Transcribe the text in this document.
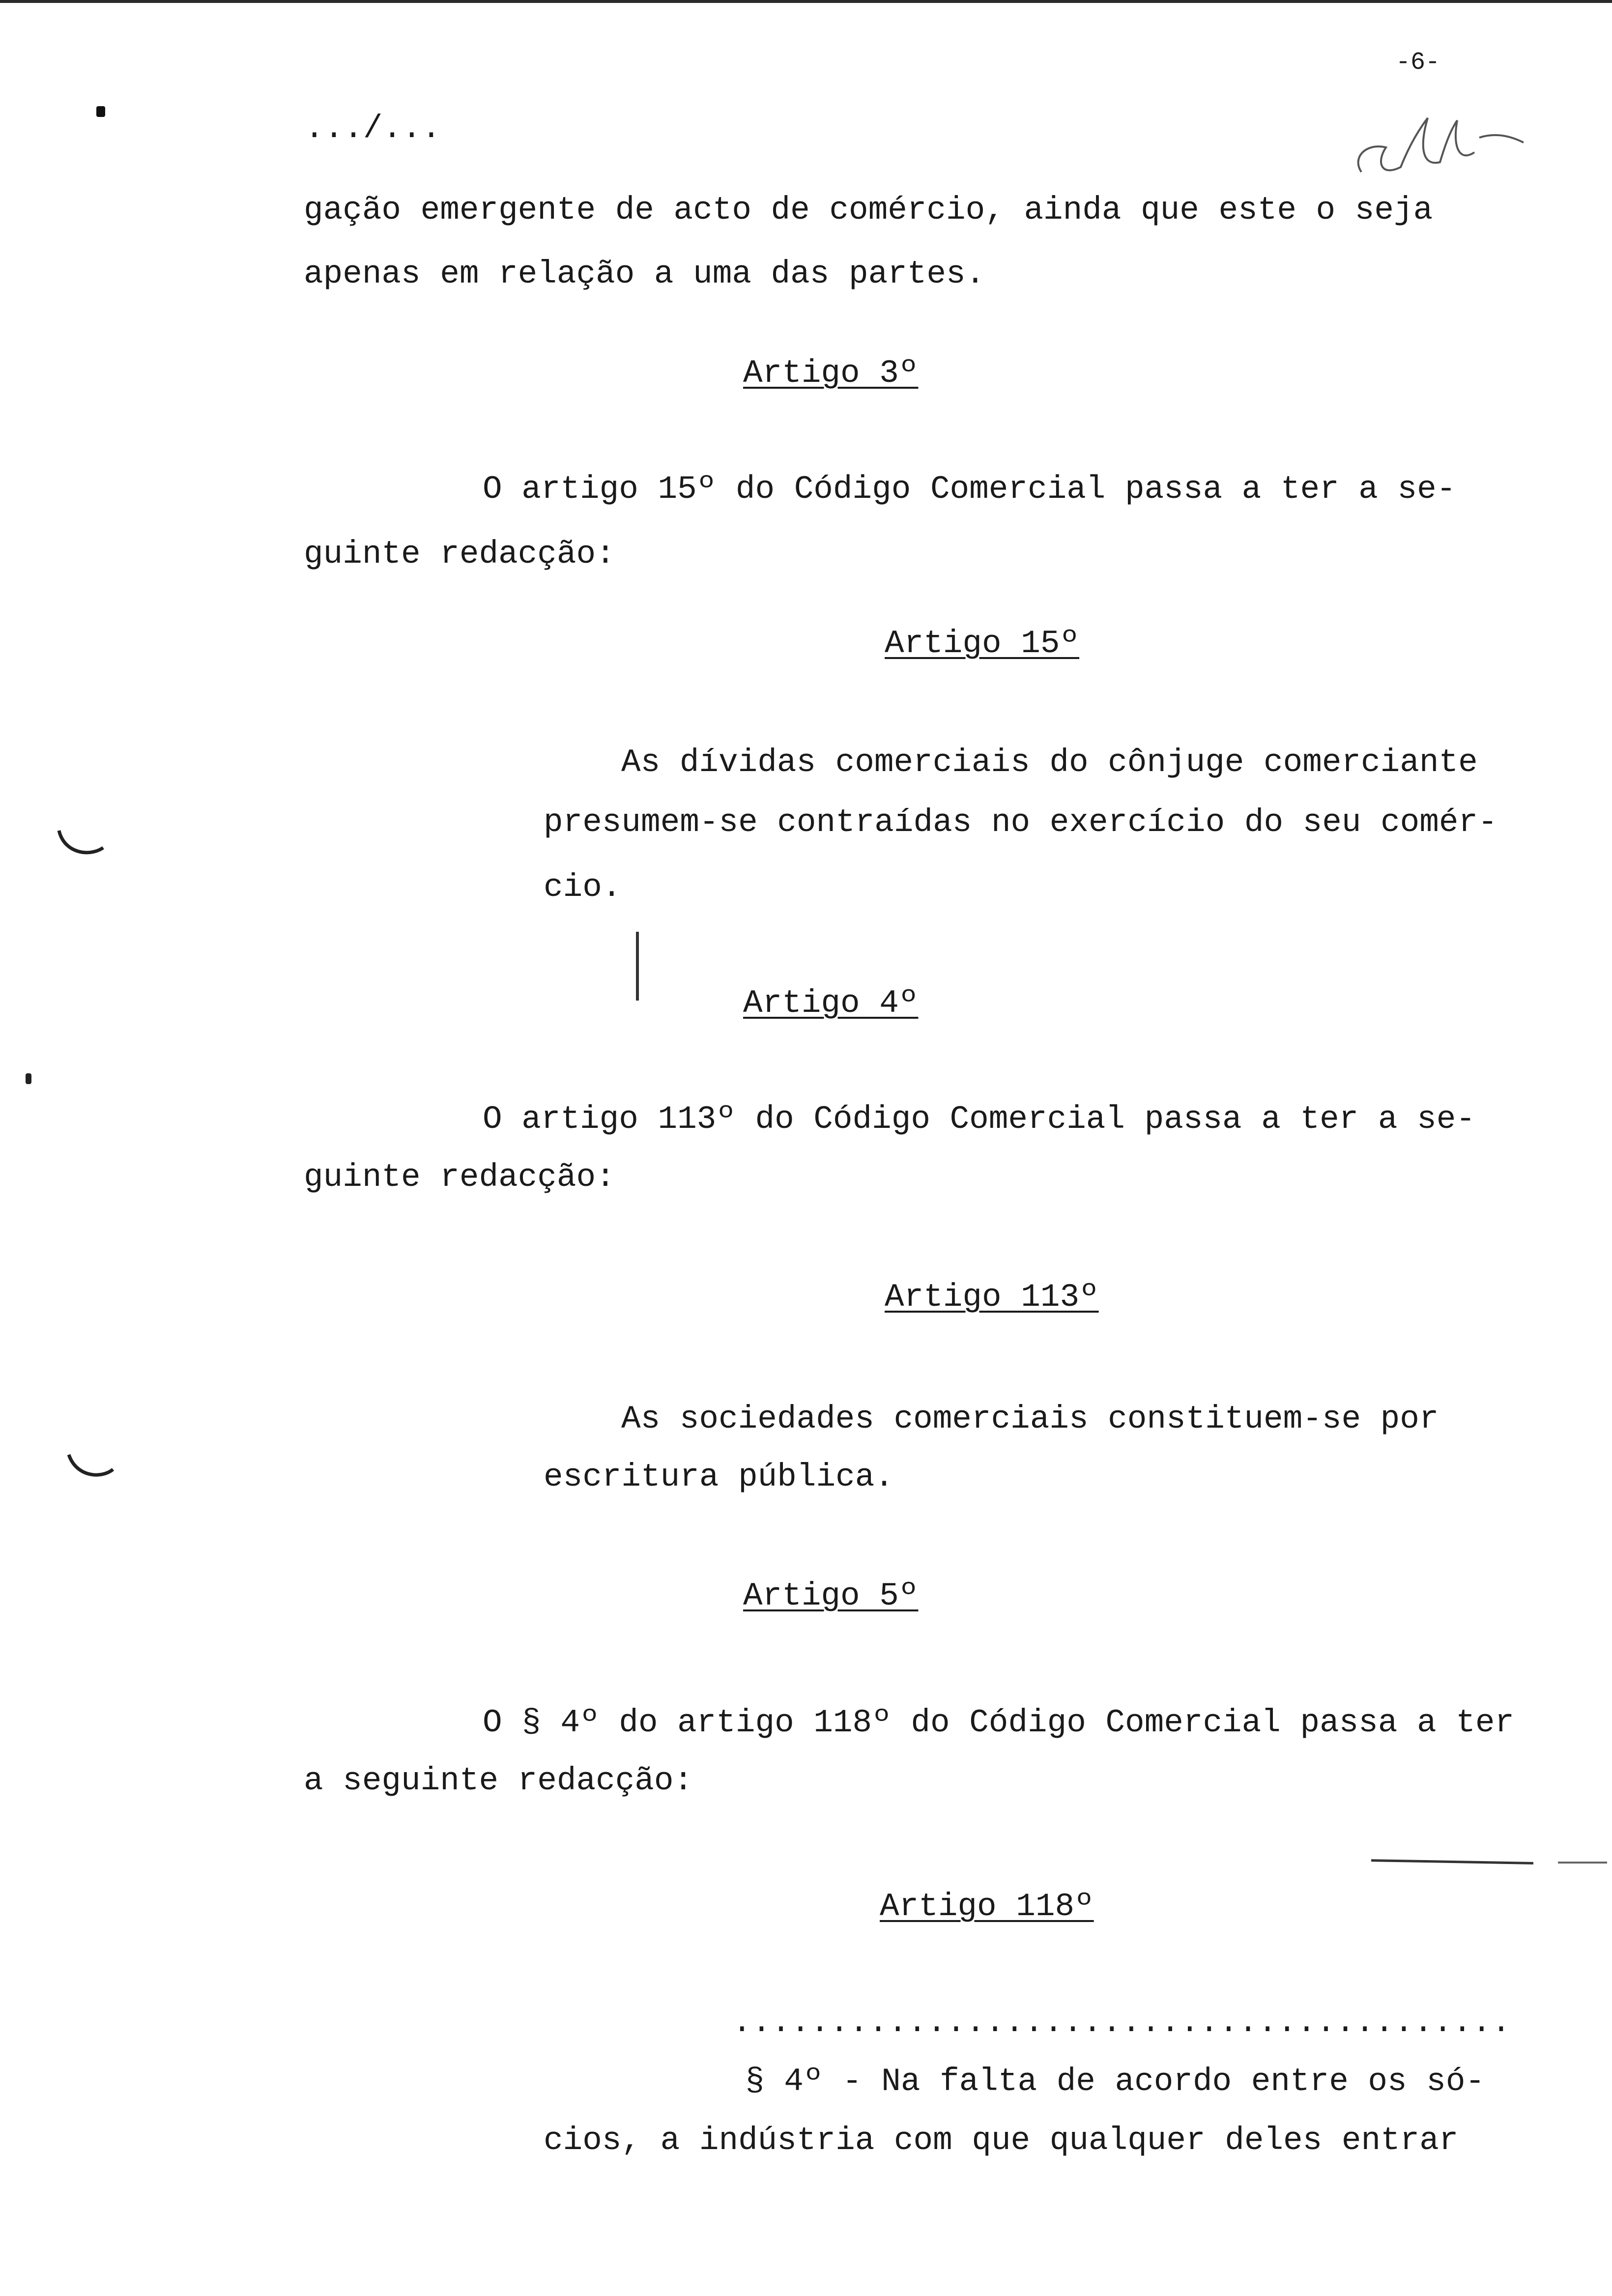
-6-
.../...
gação emergente de acto de comércio, ainda que este o seja
apenas em relação a uma das partes.
Artigo 3º
O artigo 15º do Código Comercial passa a ter a se-
guinte redacção:
Artigo 15º
As dívidas comerciais do cônjuge comerciante
presumem-se contraídas no exercício do seu comér-
cio.
Artigo 4º
O artigo 113º do Código Comercial passa a ter a se-
guinte redacção:
Artigo 113º
As sociedades comerciais constituem-se por
escritura pública.
Artigo 5º
O § 4º do artigo 118º do Código Comercial passa a ter
a seguinte redacção:
Artigo 118º
........................................
§ 4º - Na falta de acordo entre os só-
cios, a indústria com que qualquer deles entrar
